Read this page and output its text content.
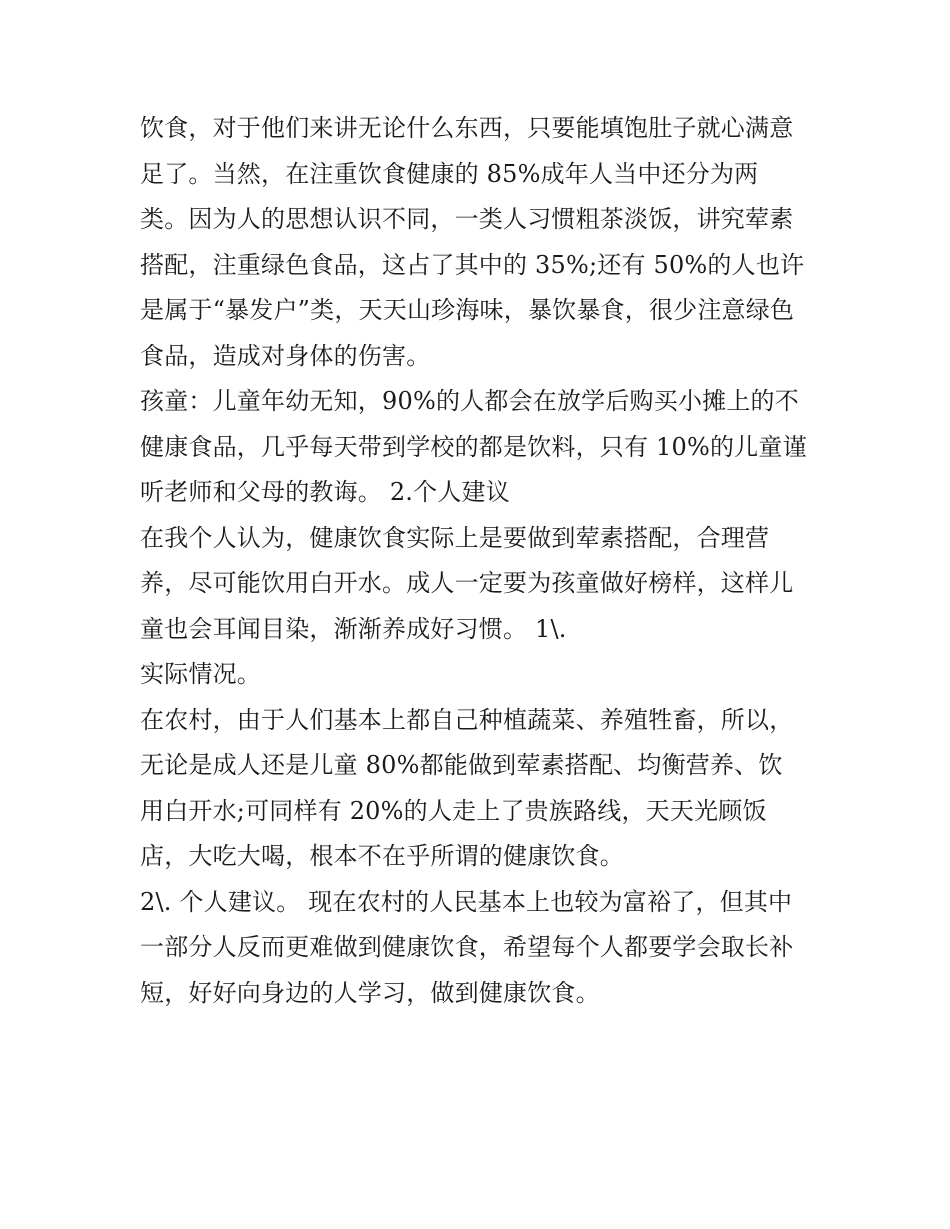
饮食，对于他们来讲无论什么东西，只要能填饱肚子就心满意
足了。当然，在注重饮食健康的 85%成年人当中还分为两
类。因为人的思想认识不同，一类人习惯粗茶淡饭，讲究荤素
搭配，注重绿色食品，这占了其中的 35%;还有 50%的人也许
是属于“暴发户”类，天天山珍海味，暴饮暴食，很少注意绿色
食品，造成对身体的伤害。
孩童：儿童年幼无知，90%的人都会在放学后购买小摊上的不
健康食品，几乎每天带到学校的都是饮料，只有 10%的儿童谨
听老师和父母的教诲。 2.个人建议
在我个人认为，健康饮食实际上是要做到荤素搭配，合理营
养，尽可能饮用白开水。成人一定要为孩童做好榜样，这样儿
童也会耳闻目染，渐渐养成好习惯。 1\.
实际情况。
在农村，由于人们基本上都自己种植蔬菜、养殖牲畜，所以，
无论是成人还是儿童 80%都能做到荤素搭配、均衡营养、饮
用白开水;可同样有 20%的人走上了贵族路线，天天光顾饭
店，大吃大喝，根本不在乎所谓的健康饮食。
2\. 个人建议。 现在农村的人民基本上也较为富裕了，但其中
一部分人反而更难做到健康饮食，希望每个人都要学会取长补
短，好好向身边的人学习，做到健康饮食。
